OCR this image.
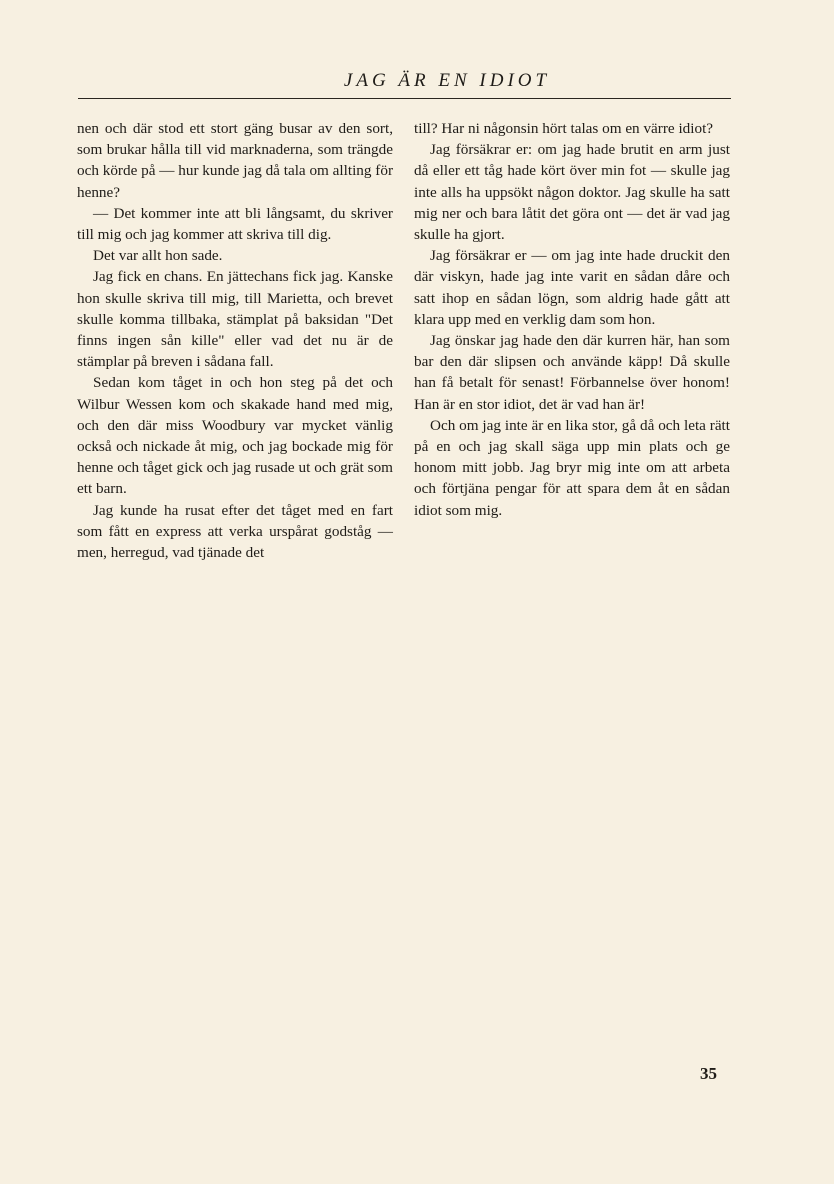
JAG ÄR EN IDIOT

nen och där stod ett stort gäng busar av den sort, som brukar hålla till vid marknaderna, som trängde och körde på — hur kunde jag då tala om allting för henne?

— Det kommer inte att bli långsamt, du skriver till mig och jag kommer att skriva till dig.

Det var allt hon sade.

Jag fick en chans. En jättechans fick jag. Kanske hon skulle skriva till mig, till Marietta, och brevet skulle komma tillbaka, stämplat på baksidan "Det finns ingen sån kille" eller vad det nu är de stämplar på breven i sådana fall.

Sedan kom tåget in och hon steg på det och Wilbur Wessen kom och skakade hand med mig, och den där miss Woodbury var mycket vänlig också och nickade åt mig, och jag bockade mig för henne och tåget gick och jag rusade ut och grät som ett barn.

Jag kunde ha rusat efter det tåget med en fart som fått en express att verka urspårat godståg — men, herregud, vad tjänade det

till? Har ni någonsin hört talas om en värre idiot?

Jag försäkrar er: om jag hade brutit en arm just då eller ett tåg hade kört över min fot — skulle jag inte alls ha uppsökt någon doktor. Jag skulle ha satt mig ner och bara låtit det göra ont — det är vad jag skulle ha gjort.

Jag försäkrar er — om jag inte hade druckit den där viskyn, hade jag inte varit en sådan dåre och satt ihop en sådan lögn, som aldrig hade gått att klara upp med en verklig dam som hon.

Jag önskar jag hade den där kurren här, han som bar den där slipsen och använde käpp! Då skulle han få betalt för senast! Förbannelse över honom! Han är en stor idiot, det är vad han är!

Och om jag inte är en lika stor, gå då och leta rätt på en och jag skall säga upp min plats och ge honom mitt jobb. Jag bryr mig inte om att arbeta och förtjäna pengar för att spara dem åt en sådan idiot som mig.

35
